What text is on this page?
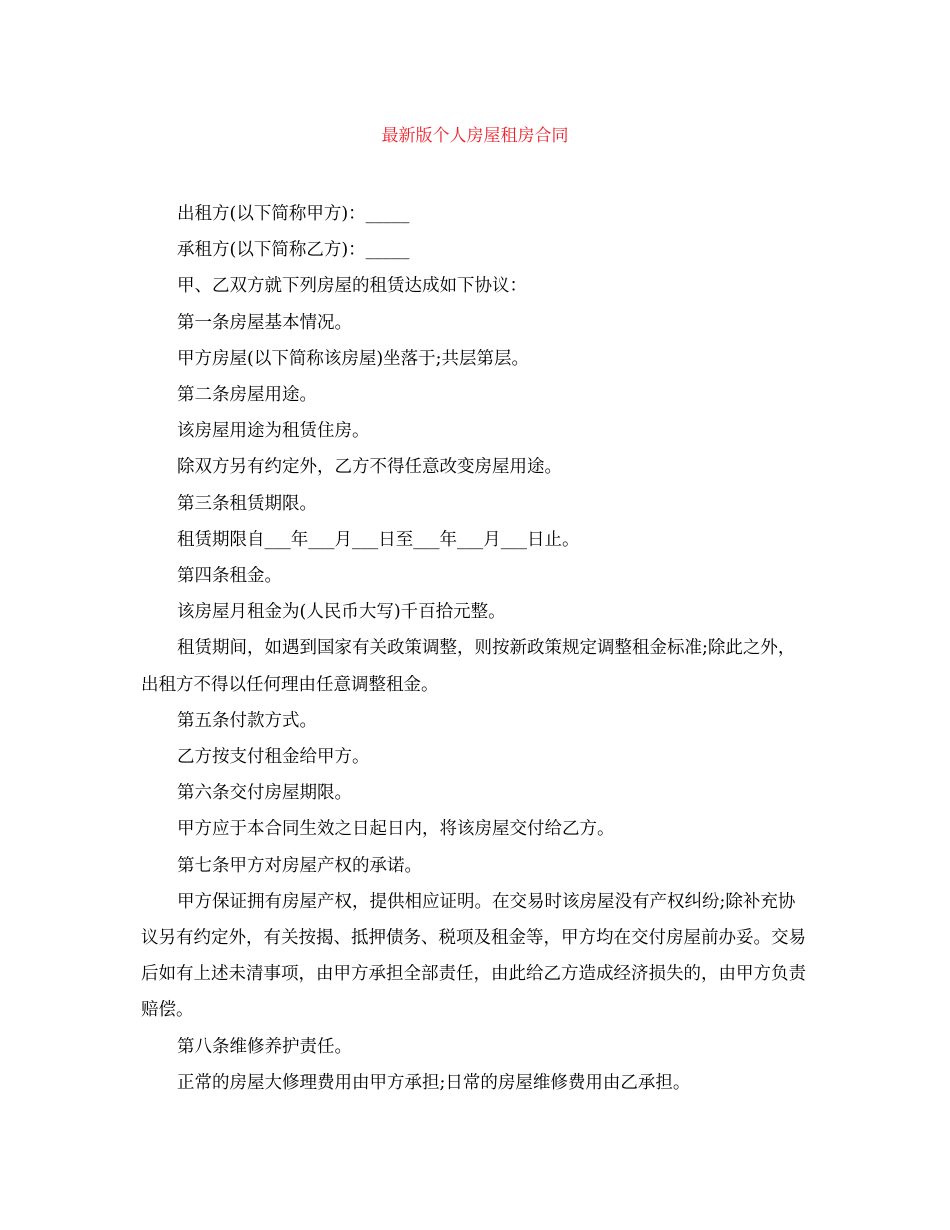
最新版个人房屋租房合同

出租方(以下简称甲方)：_____

承租方(以下简称乙方)：_____

甲、乙双方就下列房屋的租赁达成如下协议：

第一条房屋基本情况。

甲方房屋(以下简称该房屋)坐落于;共层第层。

第二条房屋用途。

该房屋用途为租赁住房。

除双方另有约定外，乙方不得任意改变房屋用途。

第三条租赁期限。

租赁期限自___年___月___日至___年___月___日止。

第四条租金。

该房屋月租金为(人民币大写)千百拾元整。

租赁期间，如遇到国家有关政策调整，则按新政策规定调整租金标准;除此之外，出租方不得以任何理由任意调整租金。

第五条付款方式。

乙方按支付租金给甲方。

第六条交付房屋期限。

甲方应于本合同生效之日起日内，将该房屋交付给乙方。

第七条甲方对房屋产权的承诺。

甲方保证拥有房屋产权，提供相应证明。在交易时该房屋没有产权纠纷;除补充协议另有约定外，有关按揭、抵押债务、税项及租金等，甲方均在交付房屋前办妥。交易后如有上述未清事项，由甲方承担全部责任，由此给乙方造成经济损失的，由甲方负责赔偿。

第八条维修养护责任。

正常的房屋大修理费用由甲方承担;日常的房屋维修费用由乙承担。
